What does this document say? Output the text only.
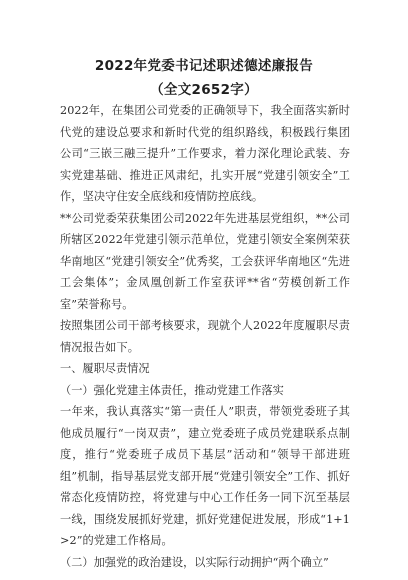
2022年党委书记述职述德述廉报告
（全文2652字）

2022年，在集团公司党委的正确领导下，我全面落实新时代党的建设总要求和新时代党的组织路线，积极践行集团公司“三嵌三融三提升”工作要求，着力深化理论武装、夯实党建基础、推进正风肃纪，扎实开展“党建引领安全”工作，坚决守住安全底线和疫情防控底线。

**公司党委荣获集团公司2022年先进基层党组织，**公司所辖区2022年党建引领示范单位，党建引领安全案例荣获华南地区“党建引领安全”优秀奖，工会获评华南地区“先进工会集体”；金凤凰创新工作室获评**省“劳模创新工作室”荣誉称号。

按照集团公司干部考核要求，现就个人2022年度履职尽责情况报告如下。

一、履职尽责情况

（一）强化党建主体责任，推动党建工作落实

一年来，我认真落实“第一责任人”职责，带领党委班子其他成员履行“一岗双责”，建立党委班子成员党建联系点制度，推行“党委班子成员下基层”活动和“领导干部进班组”机制，指导基层党支部开展“党建引领安全”工作、抓好常态化疫情防控，将党建与中心工作任务一同下沉至基层一线，围绕发展抓好党建，抓好党建促进发展，形成“1+1>2”的党建工作格局。

（二）加强党的政治建设，以实际行动拥护“两个确立”
